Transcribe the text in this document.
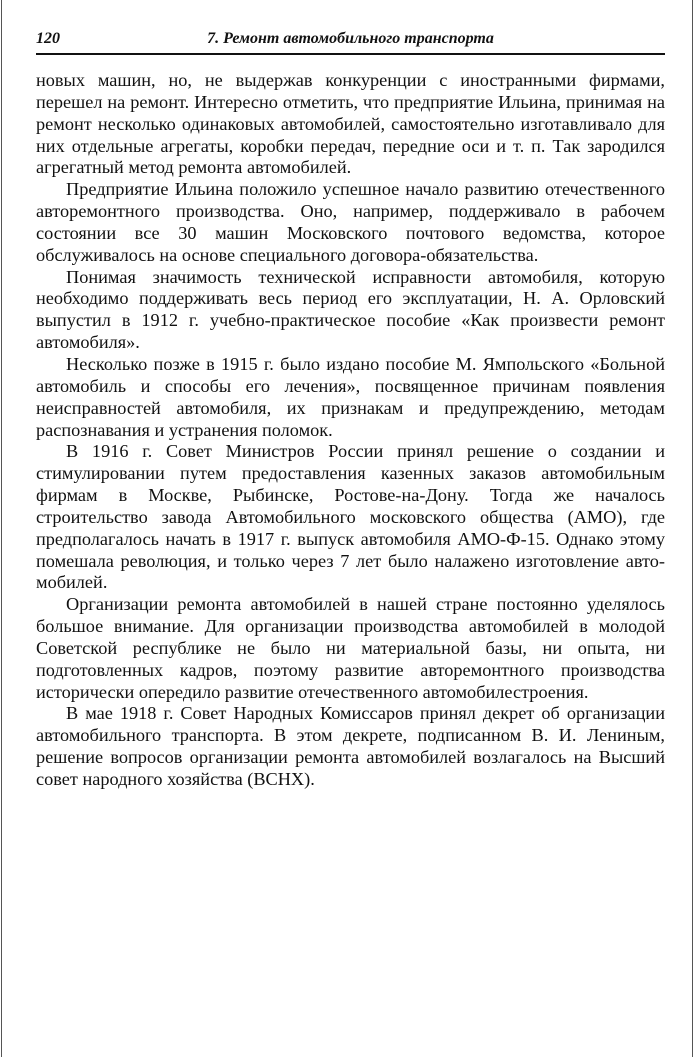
120	7. Ремонт автомобильного транспорта

новых машин, но, не выдержав конкуренции с иностранными фирмами, перешел на ремонт. Интересно отметить, что предприятие Ильина, принимая на ремонт несколько одинаковых автомобилей, самостоятельно изготавливало для них отдельные агрегаты, коробки передач, передние оси и т. п. Так зародился агрегатный метод ремонта автомобилей.

Предприятие Ильина положило успешное начало развитию отечественного авторемонтного производства. Оно, например, поддерживало в рабочем состоянии все 30 машин Московского почтового ведомства, которое обслуживалось на основе специального договора-обязательства.

Понимая значимость технической исправности автомобиля, которую необходимо поддерживать весь период его эксплуатации, Н. А. Орловский выпустил в 1912 г. учебно-практическое пособие «Как произвести ремонт автомобиля».

Несколько позже в 1915 г. было издано пособие М. Ямпольского «Больной автомобиль и способы его лечения», посвященное причинам появления неисправностей автомобиля, их признакам и предупреждению, методам распознавания и устранения поломок.

В 1916 г. Совет Министров России принял решение о создании и стимулировании путем предоставления казенных заказов автомобильным фирмам в Москве, Рыбинске, Ростове-на-Дону. Тогда же началось строительство завода Автомобильного московского общества (АМО), где предполагалось начать в 1917 г. выпуск автомобиля АМО-Ф-15. Однако этому помешала революция, и только через 7 лет было налажено изготовление автомобилей.

Организации ремонта автомобилей в нашей стране постоянно уделялось большое внимание. Для организации производства автомобилей в молодой Советской республике не было ни материальной базы, ни опыта, ни подготовленных кадров, поэтому развитие авторемонтного производства исторически опередило развитие отечественного автомобилестроения.

В мае 1918 г. Совет Народных Комиссаров принял декрет об организации автомобильного транспорта. В этом декрете, подписанном В. И. Лениным, решение вопросов организации ремонта автомобилей возлагалось на Высший совет народного хозяйства (ВСНХ).
